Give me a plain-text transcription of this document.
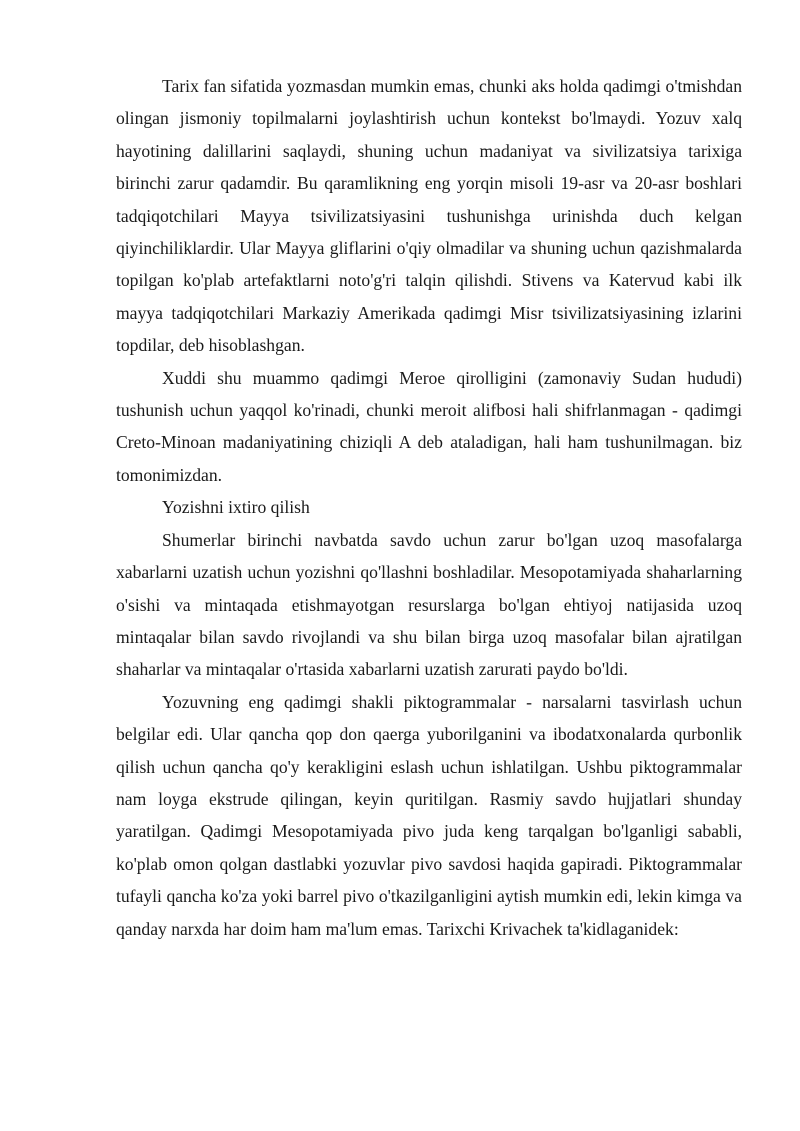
Tarix fan sifatida yozmasdan mumkin emas, chunki aks holda qadimgi o'tmishdan olingan jismoniy topilmalarni joylashtirish uchun kontekst bo'lmaydi. Yozuv xalq hayotining dalillarini saqlaydi, shuning uchun madaniyat va sivilizatsiya tarixiga birinchi zarur qadamdir. Bu qaramlikning eng yorqin misoli 19-asr va 20-asr boshlari tadqiqotchilari Mayya tsivilizatsiyasini tushunishga urinishda duch kelgan qiyinchiliklardir. Ular Mayya gliflarini o'qiy olmadilar va shuning uchun qazishmalarda topilgan ko'plab artefaktlarni noto'g'ri talqin qilishdi. Stivens va Katervud kabi ilk mayya tadqiqotchilari Markaziy Amerikada qadimgi Misr tsivilizatsiyasining izlarini topdilar, deb hisoblashgan.

Xuddi shu muammo qadimgi Meroe qirolligini (zamonaviy Sudan hududi) tushunish uchun yaqqol ko'rinadi, chunki meroit alifbosi hali shifrlanmagan - qadimgi Creto-Minoan madaniyatining chiziqli A deb ataladigan, hali ham tushunilmagan. biz tomonimizdan.

Yozishni ixtiro qilish

Shumerlar birinchi navbatda savdo uchun zarur bo'lgan uzoq masofalarga xabarlarni uzatish uchun yozishni qo'llashni boshladilar. Mesopotamiyada shaharlarning o'sishi va mintaqada etishmayotgan resurslarga bo'lgan ehtiyoj natijasida uzoq mintaqalar bilan savdo rivojlandi va shu bilan birga uzoq masofalar bilan ajratilgan shaharlar va mintaqalar o'rtasida xabarlarni uzatish zarurati paydo bo'ldi.

Yozuvning eng qadimgi shakli piktogrammalar - narsalarni tasvirlash uchun belgilar edi. Ular qancha qop don qaerga yuborilganini va ibodatxonalarda qurbonlik qilish uchun qancha qo'y kerakligini eslash uchun ishlatilgan. Ushbu piktogrammalar nam loyga ekstrude qilingan, keyin quritilgan. Rasmiy savdo hujjatlari shunday yaratilgan. Qadimgi Mesopotamiyada pivo juda keng tarqalgan bo'lganligi sababli, ko'plab omon qolgan dastlabki yozuvlar pivo savdosi haqida gapiradi. Piktogrammalar tufayli qancha ko'za yoki barrel pivo o'tkazilganligini aytish mumkin edi, lekin kimga va qanday narxda har doim ham ma'lum emas. Tarixchi Krivachek ta'kidlaganidek:
